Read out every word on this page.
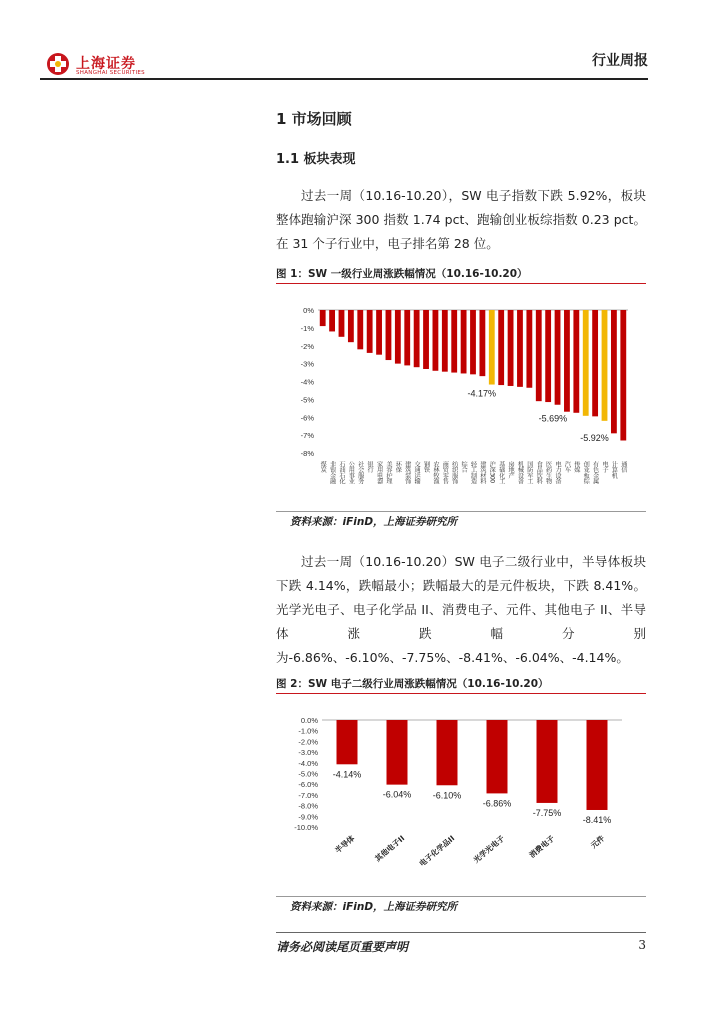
上海证券
SHANGHAI SECURITIES
行业周报
1 市场回顾
1.1 板块表现
过去一周（10.16-10.20），SW 电子指数下跌 5.92%，板块整体跑输沪深 300 指数 1.74 pct、跑输创业板综指数 0.23 pct。在 31 个子行业中，电子排名第 28 位。
图 1：SW 一级行业周涨跌幅情况（10.16-10.20）
0%
-1%
-2%
-3%
-4%
-5%
-6%
-7%
-8%
煤炭 非银金融 石油石化 公用事业 社会服务 银行 家用电器 美容护理 环保 建筑装饰 交通运输 钢铁 农林牧渔 商贸零售 纺织服饰 综合 轻工制造 建筑材料 沪深300 基础化工 房地产 机械设备 国防军工 食品饮料 医药生物 电力设备 汽车 传媒 创业板综 有色金属 电子 计算机 通信
-4.17%
-5.69%
-5.92%
资料来源：iFinD，上海证券研究所
过去一周（10.16-10.20）SW 电子二级行业中，半导体板块下跌 4.14%，跌幅最小；跌幅最大的是元件板块，下跌 8.41%。光学光电子、电子化学品 II、消费电子、元件、其他电子 II、半导体涨跌幅分别为-6.86%、-6.10%、-7.75%、-8.41%、-6.04%、-4.14%。
图 2：SW 电子二级行业周涨跌幅情况（10.16-10.20）
0.0%
-1.0%
-2.0%
-3.0%
-4.0%
-5.0%
-6.0%
-7.0%
-8.0%
-9.0%
-10.0%
-4.14%
半导体
-6.04%
其他电子II
-6.10%
电子化学品II
-6.86%
光学光电子
-7.75%
消费电子
-8.41%
元件
资料来源：iFinD，上海证券研究所
请务必阅读尾页重要声明	3
